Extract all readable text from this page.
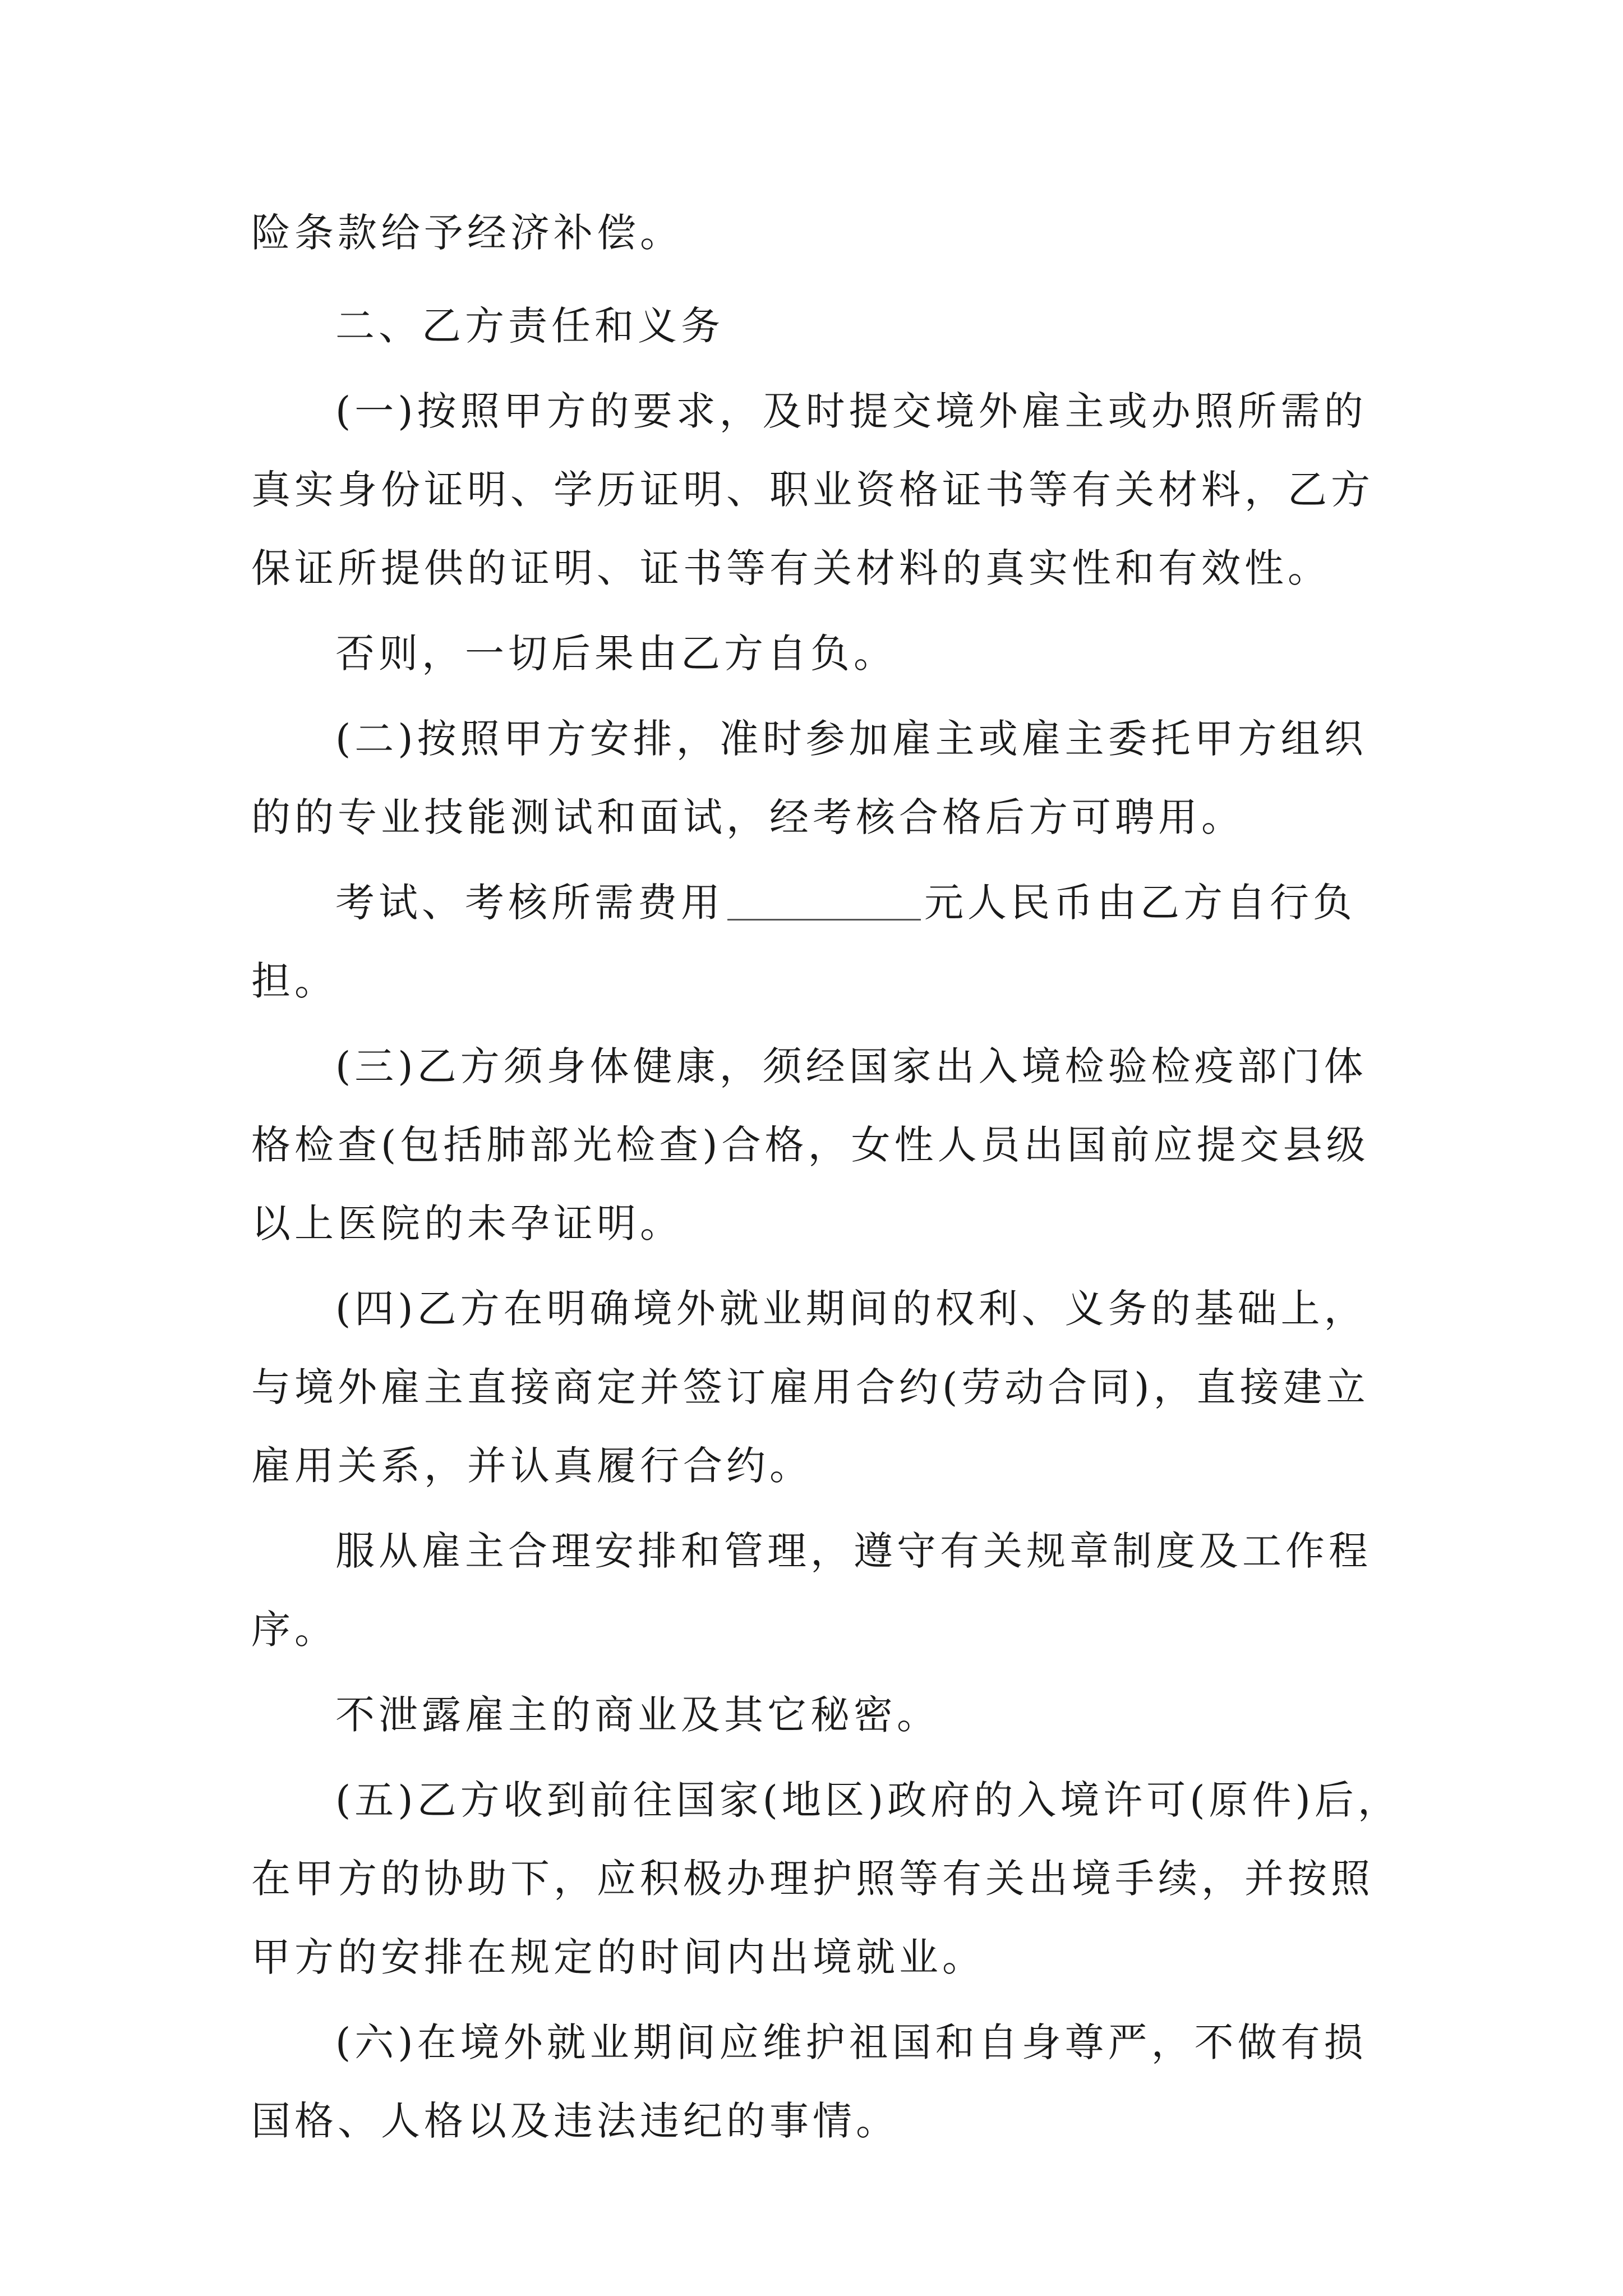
险条款给予经济补偿。
二、乙方责任和义务
(一)按照甲方的要求，及时提交境外雇主或办照所需的
真实身份证明、学历证明、职业资格证书等有关材料，乙方
保证所提供的证明、证书等有关材料的真实性和有效性。
否则，一切后果由乙方自负。
(二)按照甲方安排，准时参加雇主或雇主委托甲方组织
的的专业技能测试和面试，经考核合格后方可聘用。
考试、考核所需费用	元人民币由乙方自行负
担。
(三)乙方须身体健康，须经国家出入境检验检疫部门体
格检查(包括肺部光检查)合格，女性人员出国前应提交县级
以上医院的未孕证明。
(四)乙方在明确境外就业期间的权利、义务的基础上，
与境外雇主直接商定并签订雇用合约(劳动合同)，直接建立
雇用关系，并认真履行合约。
服从雇主合理安排和管理，遵守有关规章制度及工作程
序。
不泄露雇主的商业及其它秘密。
(五)乙方收到前往国家(地区)政府的入境许可(原件)后，
在甲方的协助下，应积极办理护照等有关出境手续，并按照
甲方的安排在规定的时间内出境就业。
(六)在境外就业期间应维护祖国和自身尊严，不做有损
国格、人格以及违法违纪的事情。
